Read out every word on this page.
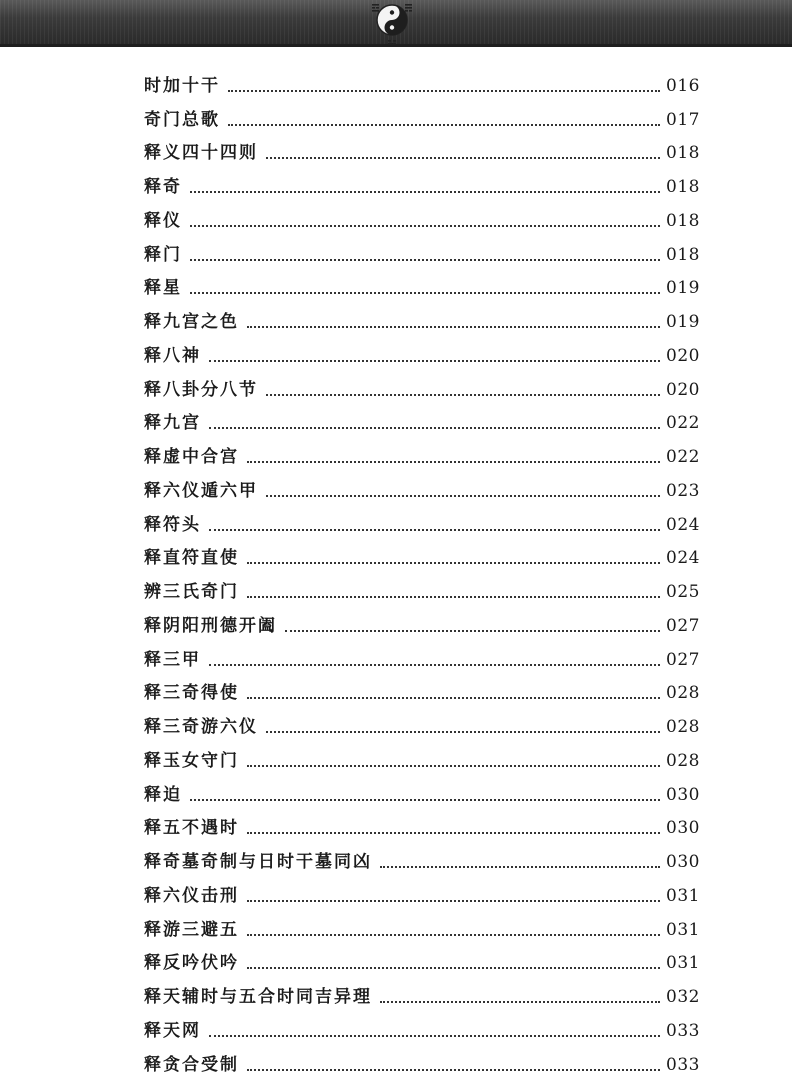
时加十干	016
奇门总歌	017
释义四十四则	018
释奇	018
释仪	018
释门	018
释星	019
释九宫之色	019
释八神	020
释八卦分八节	020
释九宫	022
释虚中合宫	022
释六仪遁六甲	023
释符头	024
释直符直使	024
辨三氏奇门	025
释阴阳刑德开阖	027
释三甲	027
释三奇得使	028
释三奇游六仪	028
释玉女守门	028
释迫	030
释五不遇时	030
释奇墓奇制与日时干墓同凶	030
释六仪击刑	031
释游三避五	031
释反吟伏吟	031
释天辅时与五合时同吉异理	032
释天网	033
释贪合受制	033
